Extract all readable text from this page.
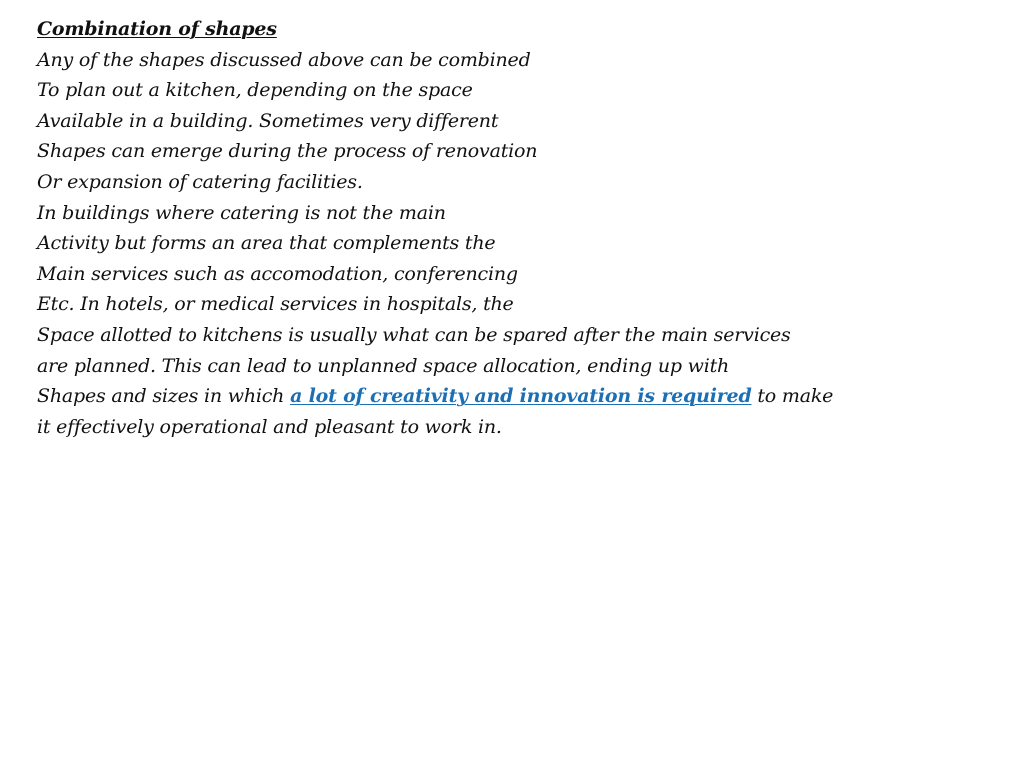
Combination of shapes
Any of the shapes discussed above can be combined
To plan out a kitchen, depending on the space
Available in a building. Sometimes very different
Shapes can emerge during the process of renovation
Or expansion of catering facilities.
In buildings where catering is not the main
Activity but forms an area that complements the
Main services such as accomodation, conferencing
Etc. In hotels, or medical services in hospitals, the
Space allotted to kitchens is usually what can be spared after the main services
are planned. This can lead to unplanned space allocation, ending up with
Shapes and sizes in which a lot of creativity and innovation is required to make
it effectively operational and pleasant to work in.
